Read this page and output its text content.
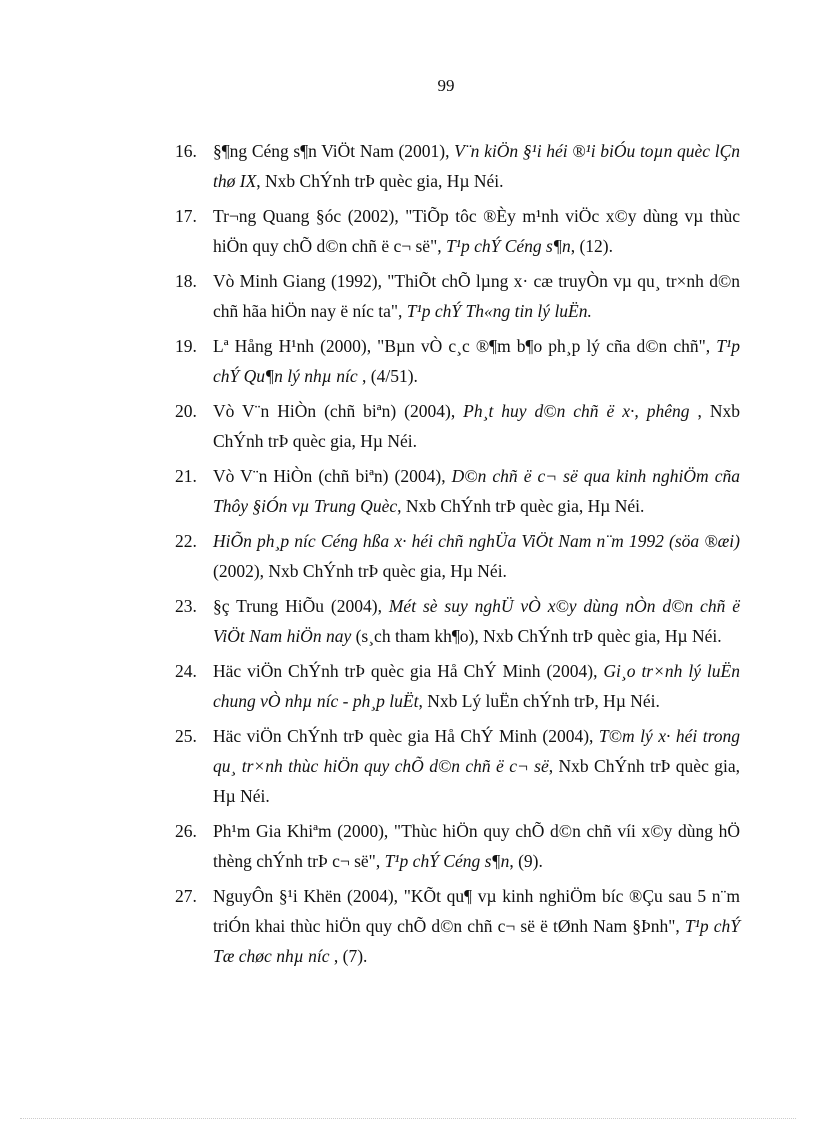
99
16. §¶ng Céng s¶n ViÖt Nam (2001), V¨n kiÖn §¹i héi ®¹i biÓu toµn quèc lÇn thø IX, Nxb ChÝnh trÞ quèc gia, Hµ Néi.
17. Tr¬ng Quang §óc (2002), "TiÕp tôc ®Èy m¹nh viÖc x©y dùng vµ thùc hiÖn quy chÕ d©n chñ ë c¬ së", T¹p chÝ Céng s¶n, (12).
18. Vò Minh Giang (1992), "ThiÕt chÕ lµng x· cæ truyÒn vµ qu¸ tr×nh d©n chñ hãa hiÖn nay ë níc ta", T¹p chÝ Th«ng tin lý luËn.
19. Lª Hång H¹nh (2000), "Bµn vÒ c¸c ®¶m b¶o ph¸p lý cña d©n chñ", T¹p chÝ Qu¶n lý nhµ níc , (4/51).
20. Vò V¨n HiÒn (chñ biªn) (2004), Ph¸t huy d©n chñ ë x·, phêng , Nxb ChÝnh trÞ quèc gia, Hµ Néi.
21. Vò V¨n HiÒn (chñ biªn) (2004), D©n chñ ë c¬ së qua kinh nghiÖm cña Thôy §iÓn vµ Trung Quèc, Nxb ChÝnh trÞ quèc gia, Hµ Néi.
22. HiÕn ph¸p níc Céng hßa x· héi chñ nghÜa ViÖt Nam n¨m 1992 (söa ®æi) (2002), Nxb ChÝnh trÞ quèc gia, Hµ Néi.
23. §ç Trung HiÕu (2004), Mét sè suy nghÜ vÒ x©y dùng nÒn d©n chñ ë ViÖt Nam hiÖn nay (s¸ch tham kh¶o), Nxb ChÝnh trÞ quèc gia, Hµ Néi.
24. Häc viÖn ChÝnh trÞ quèc gia Hå ChÝ Minh (2004), Gi¸o tr×nh lý luËn chung vÒ nhµ níc - ph¸p luËt, Nxb Lý luËn chÝnh trÞ, Hµ Néi.
25. Häc viÖn ChÝnh trÞ quèc gia Hå ChÝ Minh (2004), T©m lý x· héi trong qu¸ tr×nh thùc hiÖn quy chÕ d©n chñ ë c¬ së, Nxb ChÝnh trÞ quèc gia, Hµ Néi.
26. Ph¹m Gia Khiªm (2000), "Thùc hiÖn quy chÕ d©n chñ víi x©y dùng hÖ thèng chÝnh trÞ c¬ së", T¹p chÝ Céng s¶n, (9).
27. NguyÔn §¹i Khën (2004), "KÕt qu¶ vµ kinh nghiÖm bíc ®Çu sau 5 n¨m triÓn khai thùc hiÖn quy chÕ d©n chñ c¬ së ë tØnh Nam §Þnh", T¹p chÝ Tæ chøc nhµ níc , (7).
